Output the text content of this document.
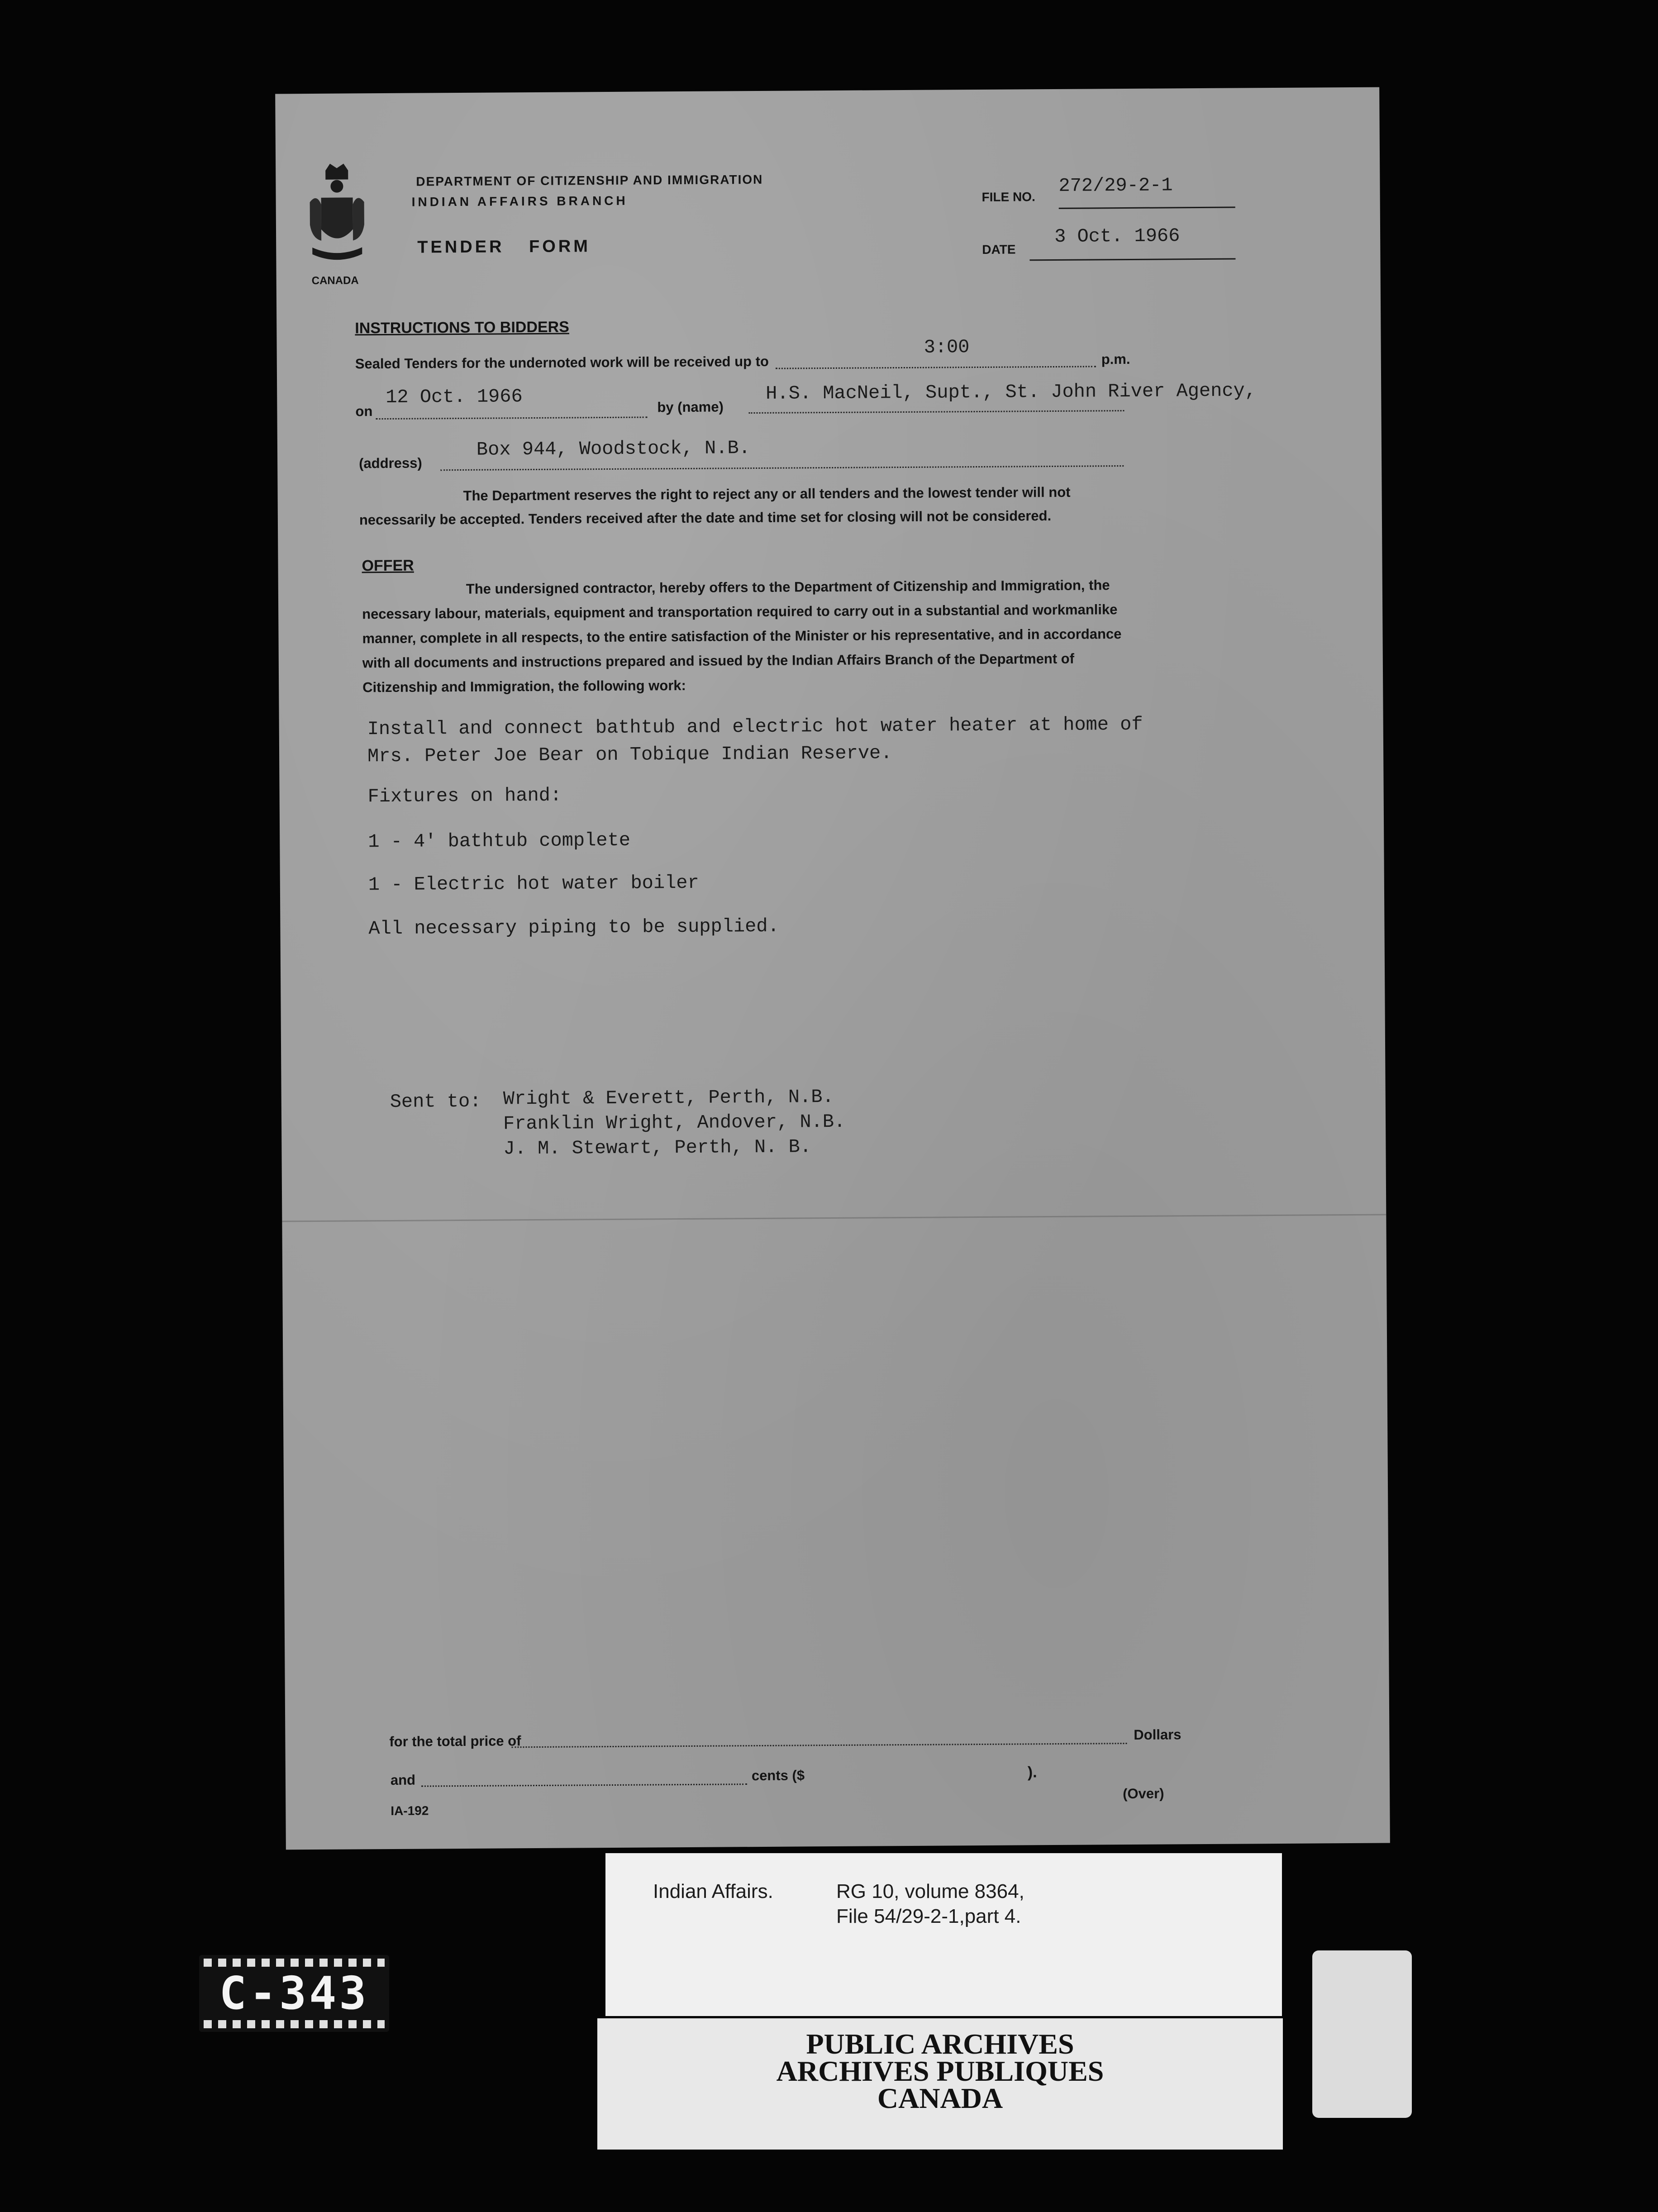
CANADA
DEPARTMENT OF CITIZENSHIP AND IMMIGRATION
INDIAN AFFAIRS BRANCH
TENDER FORM
FILE NO.
272/29-2-1
DATE
3 Oct. 1966
INSTRUCTIONS TO BIDDERS
Sealed Tenders for the undernoted work will be received up to
3:00
p.m.
on
12 Oct. 1966	by (name)
H.S. MacNeil, Supt., St. John River Agency,
(address)
Box 944, Woodstock, N.B.
The Department reserves the right to reject any or all tenders and the lowest tender will not necessarily be accepted. Tenders received after the date and time set for closing will not be considered.
OFFER
The undersigned contractor, hereby offers to the Department of Citizenship and Immigration, the necessary labour, materials, equipment and transportation required to carry out in a substantial and workmanlike manner, complete in all respects, to the entire satisfaction of the Minister or his representative, and in accordance with all documents and instructions prepared and issued by the Indian Affairs Branch of the Department of Citizenship and Immigration, the following work:
Install and connect bathtub and electric hot water heater at home of Mrs. Peter Joe Bear on Tobique Indian Reserve.
Fixtures on hand:
1 - 4' bathtub complete
1 - Electric hot water boiler
All necessary piping to be supplied.
Sent to: Wright & Everett, Perth, N.B.
Franklin Wright, Andover, N.B.
J. M. Stewart, Perth, N. B.
for the total price of	Dollars
and	cents ($	).
IA-192
(Over)
Indian Affairs.	RG 10, volume 8364,
File 54/29-2-1,part 4.
PUBLIC ARCHIVES
ARCHIVES PUBLIQUES
CANADA
C-343
